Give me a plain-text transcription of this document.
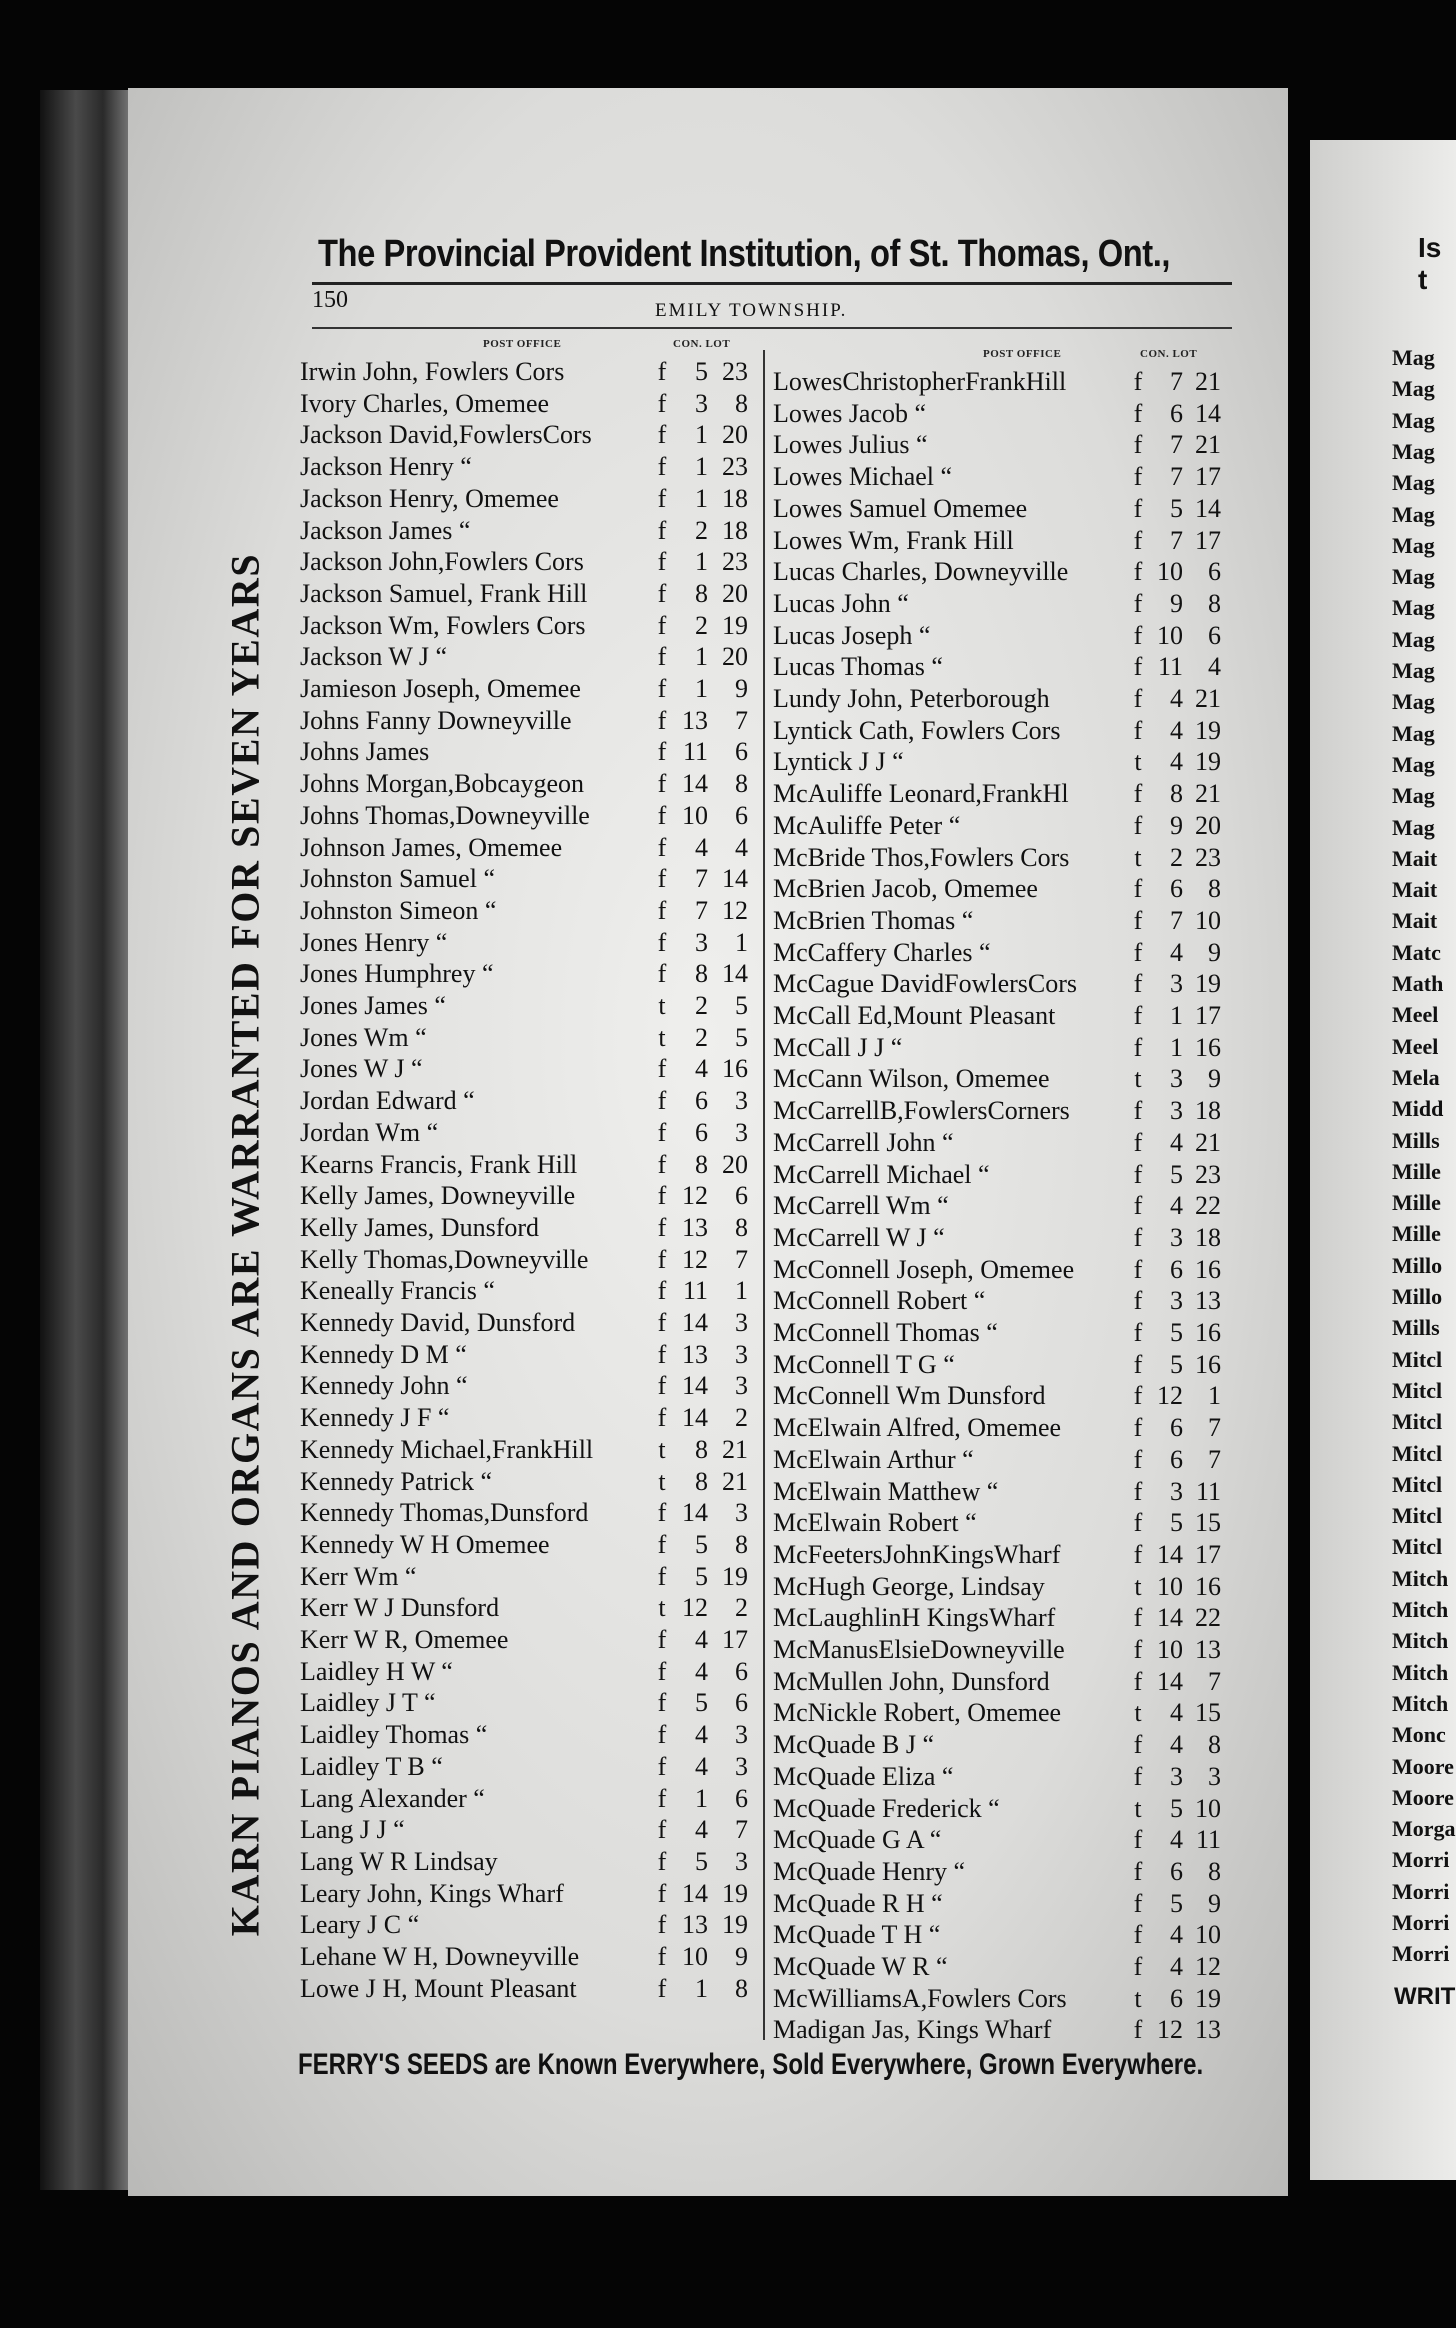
Is t
Mag
Mag
Mag
Mag
Mag
Mag
Mag
Mag
Mag
Mag
Mag
Mag
Mag
Mag
Mag
Mag
Mait
Mait
Mait
Matc
Math
Meel
Meel
Mela
Midd
Mills
Mille
Mille
Mille
Millo
Millo
Mills
Mitcl
Mitcl
Mitcl
Mitcl
Mitcl
Mitcl
Mitcl
Mitch
Mitch
Mitch
Mitch
Mitch
Monc
Moore
Moore
Morga
Morri
Morri
Morri
Morri
WRIT
The Provincial Provident Institution, of St. Thomas, Ont.,
150	EMILY TOWNSHIP.
POST OFFICE	CON. LOT
POST OFFICE	CON. LOT
KARN PIANOS AND ORGANS ARE WARRANTED FOR SEVEN YEARS
Irwin John, Fowlers Cors	f	5 23
Ivory Charles, Omemee	f	3	8
Jackson David,FowlersCors	f	1 20
Jackson Henry “	f	1 23
Jackson Henry, Omemee	f	1 18
Jackson James “	f	2 18
Jackson John,Fowlers Cors	f	1 23
Jackson Samuel, Frank Hill	f	8 20
Jackson Wm, Fowlers Cors	f	2 19
Jackson W J “	f	1 20
Jamieson Joseph, Omemee	f	1	9
Johns Fanny Downeyville	f 13	7
Johns James	f 11	6
Johns Morgan,Bobcaygeon	f 14	8
Johns Thomas,Downeyville	f 10	6
Johnson James, Omemee	f	4	4
Johnston Samuel “	f	7 14
Johnston Simeon “	f	7 12
Jones Henry “	f	3	1
Jones Humphrey “	f	8 14
Jones James “	t	2	5
Jones Wm “	t	2	5
Jones W J “	f	4 16
Jordan Edward “	f	6	3
Jordan Wm “	f	6	3
Kearns Francis, Frank Hill	f	8 20
Kelly James, Downeyville	f 12	6
Kelly James, Dunsford	f 13	8
Kelly Thomas,Downeyville	f 12	7
Keneally Francis “	f 11	1
Kennedy David, Dunsford	f 14	3
Kennedy D M “	f 13	3
Kennedy John “	f 14	3
Kennedy J F “	f 14	2
Kennedy Michael,FrankHill	t	8 21
Kennedy Patrick “	t	8 21
Kennedy Thomas,Dunsford	f 14	3
Kennedy W H Omemee	f	5	8
Kerr Wm “	f	5 19
Kerr W J Dunsford	t 12	2
Kerr W R, Omemee	f	4 17
Laidley H W “	f	4	6
Laidley J T “	f	5	6
Laidley Thomas “	f	4	3
Laidley T B “	f	4	3
Lang Alexander “	f	1	6
Lang J J “	f	4	7
Lang W R Lindsay	f	5	3
Leary John, Kings Wharf	f 14 19
Leary J C “	f 13 19
Lehane W H, Downeyville	f 10	9
Lowe J H, Mount Pleasant	f	1	8
LowesChristopherFrankHill	f	7 21
Lowes Jacob “	f	6 14
Lowes Julius “	f	7 21
Lowes Michael “	f	7 17
Lowes Samuel Omemee	f	5 14
Lowes Wm, Frank Hill	f	7 17
Lucas Charles, Downeyville	f 10 6
Lucas John “	f	9 8
Lucas Joseph “	f 10 6
Lucas Thomas “	f 11 4
Lundy John, Peterborough	f	4 21
Lyntick Cath, Fowlers Cors	f	4 19
Lyntick J J “	t	4 19
McAuliffe Leonard,FrankHl	f	8 21
McAuliffe Peter “	f	9 20
McBride Thos,Fowlers Cors	t	2 23
McBrien Jacob, Omemee	f	6 8
McBrien Thomas “	f	7 10
McCaffery Charles “	f	4 9
McCague DavidFowlersCors f	3 19
McCall Ed,Mount Pleasant	f	1 17
McCall J J “	f	1 16
McCann Wilson, Omemee	t	3 9
McCarrellB,FowlersCorners f	3 18
McCarrell John “	f	4 21
McCarrell Michael “	f	5 23
McCarrell Wm “	f	4 22
McCarrell W J “	f	3 18
McConnell Joseph, Omemee f	6 16
McConnell Robert “	f	3 13
McConnell Thomas “	f	5 16
McConnell T G “	f	5 16
McConnell Wm Dunsford	f 12 1
McElwain Alfred, Omemee	f	6 7
McElwain Arthur “	f	6 7
McElwain Matthew “	f	3 11
McElwain Robert “	f	5 15
McFeetersJohnKingsWharf	f 14 17
McHugh George, Lindsay	t 10 16
McLaughlinH KingsWharf	f 14 22
McManusElsieDowneyville	f 10 13
McMullen John, Dunsford	f 14 7
McNickle Robert, Omemee	t	4 15
McQuade B J “	f	4 8
McQuade Eliza “	f	3 3
McQuade Frederick “	t	5 10
McQuade G A “	f	4 11
McQuade Henry “	f	6 8
McQuade R H “	f	5 9
McQuade T H “	f	4 10
McQuade W R “	f	4 12
McWilliamsA,Fowlers Cors	t	6 19
Madigan Jas, Kings Wharf	f 12 13
FERRY'S SEEDS are Known Everywhere, Sold Everywhere, Grown Everywhere.
